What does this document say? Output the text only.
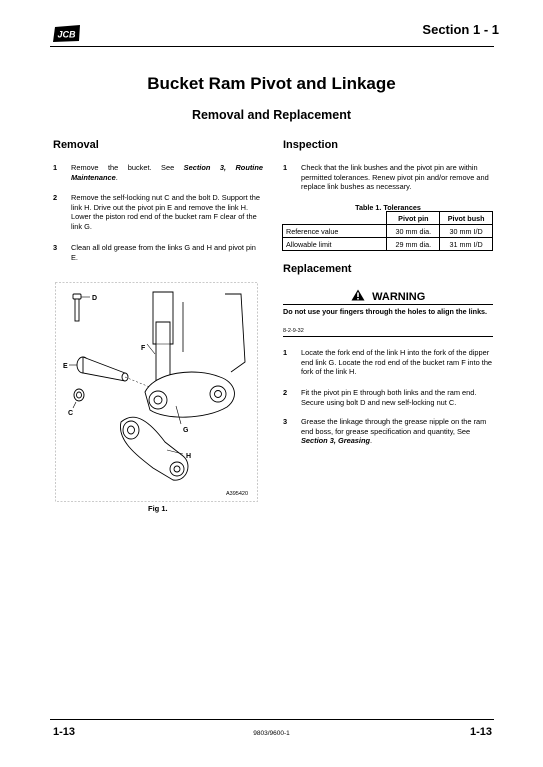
JCB	Section 1 - 1
Bucket Ram Pivot and Linkage
Removal and Replacement
Removal
1 Remove the bucket. See Section 3, Routine Maintenance.
2 Remove the self-locking nut C and the bolt D. Support the link H. Drive out the pivot pin E and remove the link H. Lower the piston rod end of the bucket ram F clear of the link G.
3 Clean all old grease from the links G and H and pivot pin E.
D
E
C
F
G
H
A395420
Fig 1.
Inspection
1 Check that the link bushes and the pivot pin are within permitted tolerances. Renew pivot pin and/or remove and replace link bushes as necessary.
Table 1. Tolerances
	Pivot pin	Pivot bush
Reference value	30 mm dia.	30 mm I/D
Allowable limit	29 mm dia.	31 mm I/D
Replacement
WARNING
Do not use your fingers through the holes to align the links.
8-2-9-32
1 Locate the fork end of the link H into the fork of the dipper end link G. Locate the rod end of the bucket ram F into the fork of the link H.
2 Fit the pivot pin E through both links and the ram end. Secure using bolt D and new self-locking nut C.
3 Grease the linkage through the grease nipple on the ram end boss, for grease specification and quantity, See Section 3, Greasing.
1-13	9803/9600-1	1-13
